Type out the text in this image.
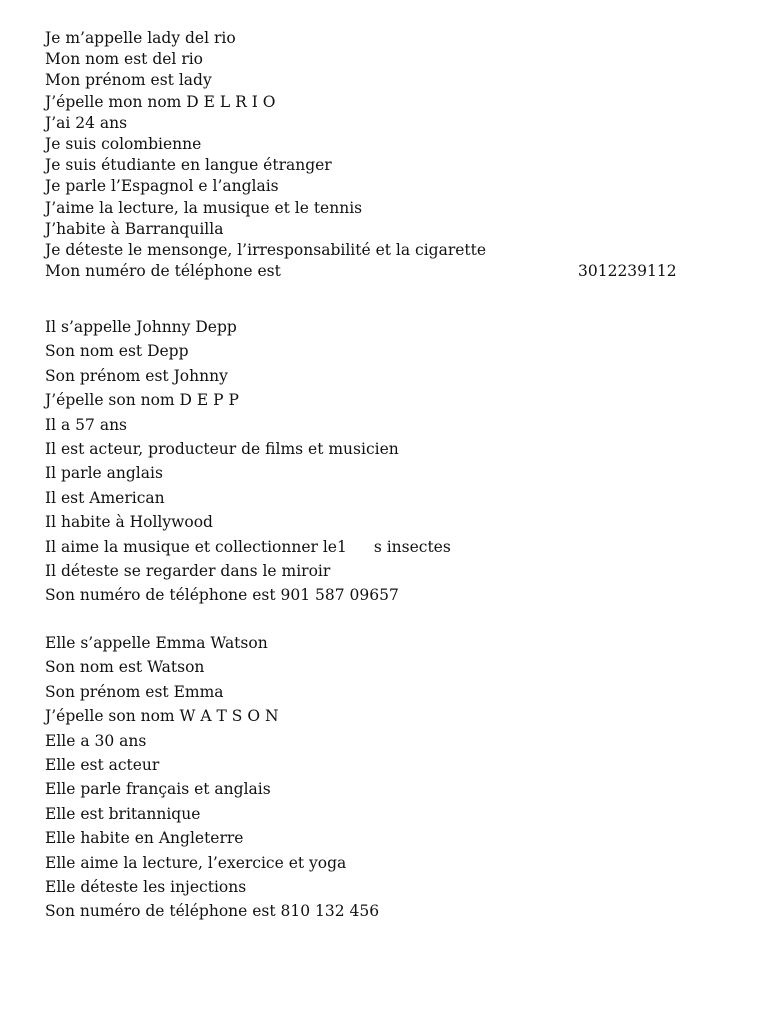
Je m’appelle lady del rio
Mon nom est del rio
Mon prénom est lady
J’épelle mon nom D E L R I O
J’ai 24 ans
Je suis colombienne
Je suis étudiante en langue étranger
Je parle l’Espagnol e l’anglais
J’aime la lecture, la musique et le tennis
J’habite à Barranquilla
Je déteste le mensonge, l’irresponsabilité et la cigarette
Mon numéro de téléphone est	3012239112
Il s’appelle Johnny Depp
Son nom est Depp
Son prénom est Johnny
J’épelle son nom D E P P
Il a 57 ans
Il est acteur, producteur de films et musicien
Il parle anglais
Il est American
Il habite à Hollywood
Il aime la musique et collectionner le1 s insectes
Il déteste se regarder dans le miroir
Son numéro de téléphone est 901 587 09657
Elle s’appelle Emma Watson
Son nom est Watson
Son prénom est Emma
J’épelle son nom W A T S O N
Elle a 30 ans
Elle est acteur
Elle parle français et anglais
Elle est britannique
Elle habite en Angleterre
Elle aime la lecture, l’exercice et yoga
Elle déteste les injections
Son numéro de téléphone est 810 132 456
